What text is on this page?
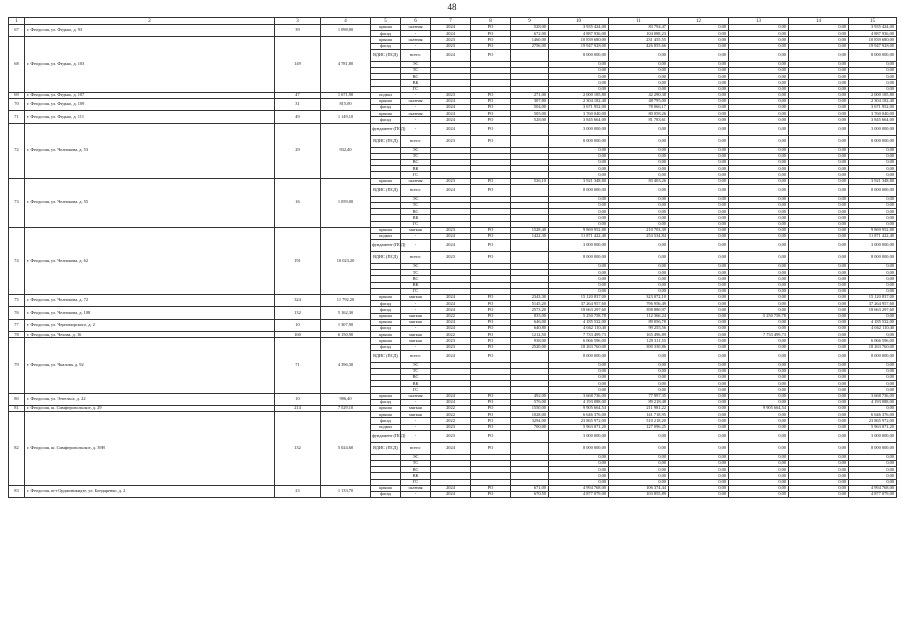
48
1	2	3	4	5	6	7	8	9	10	11	12	13	14	15
67	г. Феодосия, ул. Федько, д. 93	39	1 098,00	крыша	скатная	2024	РО	528,00	3 935 424,00	83 794,47	0,00	0,00	0,00	3 935 424,00
				фасад	-	2024	РО	672,00	4 887 936,00	104 088,23	0,00	0,00	0,00	4 887 936,00
68	г. Феодосия, ул. Федько, д. 103	149	4 781,80	крыша	скатная	2023	РО	1460,00	10 839 680,00	231 455,55	0,00	0,00	0,00	10 839 680,00
				фасад	-	2023	РО	2756,00	19 947 928,00	426 855,66	0,00	0,00	0,00	19 947 928,00
				ВДИС (ПСД)	всего:	2024	РО		8 000 000,00	0,00	0,00	0,00	0,00	8 000 000,00
					ЭС				0,00	0,00	0,00	0,00	0,00	0,00
					ТС				0,00	0,00	0,00	0,00	0,00	0,00
					ВС				0,00	0,00	0,00	0,00	0,00	0,00
					ВК				0,00	0,00	0,00	0,00	0,00	0,00
					ГС				0,00	0,00	0,00	0,00	0,00	0,00
69	г. Феодосия, ул. Федько, д. 107	47	1 671,90	подвал	-	2023	РО	271,00	2 000 185,80	42 290,38	0,00	0,00	0,00	2 000 185,80
70	г. Феодосия, ул. Федько, д. 109	31	815,00	крыша	скатная	2024	РО	307,80	2 304 182,40	48 795,00	0,00	0,00	0,00	2 304 182,40
				фасад	-	2024	РО	504,00	3 671 952,00	78 066,17	0,00	0,00	0,00	3 671 952,00
71	г. Феодосия, ул. Федько, д. 111	49	1 149,10	крыша	скатная	2024	РО	505,00	3 760 040,00	80 058,26	0,00	0,00	0,00	3 760 040,00
				фасад	-	2024	РО	528,00	3 845 664,00	81 783,61	0,00	0,00	0,00	3 845 664,00
72	г. Феодосия, ул. Челнокова, д. 53	29	932,40	фундамент (ПСД)	-	2024	РО		3 000 000,00	0,00	0,00	0,00	0,00	3 000 000,00
				ВДИС (ПСД)	всего:	2023	РО		8 000 000,00	0,00	0,00	0,00	0,00	8 000 000,00
					ЭС				0,00	0,00	0,00	0,00	0,00	0,00
					ТС				0,00	0,00	0,00	0,00	0,00	0,00
					ВС				0,00	0,00	0,00	0,00	0,00	0,00
					ВК				0,00	0,00	0,00	0,00	0,00	0,00
					ГС				0,00	0,00	0,00	0,00	0,00	0,00
73	г. Феодосия, ул. Челнокова, д. 55	16	1 059,00	крыша	скатная	2023	РО	526,10	3 921 348,80	83 403,26	0,00	0,00	0,00	3 921 348,80
				ВДИС (ПСД)	всего:	2024	РО		8 000 000,00	0,00	0,00	0,00	0,00	8 000 000,00
					ЭС				0,00	0,00	0,00	0,00	0,00	0,00
					ТС				0,00	0,00	0,00	0,00	0,00	0,00
					ВС				0,00	0,00	0,00	0,00	0,00	0,00
					ВК				0,00	0,00	0,00	0,00	0,00	0,00
					ГС				0,00	0,00	0,00	0,00	0,00	0,00
74	г. Феодосия, ул. Челнокова, д. 62	191	10 023,20	крыша	мягкая	2023	РО	1528,40	9 869 952,80	210 703,39	0,00	0,00	0,00	9 869 952,80
				подвал	-	2024	РО	1422,30	11 871 422,40	253 534,84	0,00	0,00	0,00	11 871 422,40
				фундамент (ПСД)	-	2024	РО		3 000 000,00	0,00	0,00	0,00	0,00	3 000 000,00
				ВДИС (ПСД)	всего:	2023	РО		8 000 000,00	0,00	0,00	0,00	0,00	8 000 000,00
					ЭС				0,00	0,00	0,00	0,00	0,00	0,00
					ТС				0,00	0,00	0,00	0,00	0,00	0,00
					ВС				0,00	0,00	0,00	0,00	0,00	0,00
					ВК				0,00	0,00	0,00	0,00	0,00	0,00
					ГС				0,00	0,00	0,00	0,00	0,00	0,00
75	г. Феодосия, ул. Челнокова, д. 72	324	11 792,20	крыша	мягкая	2024	РО	2343,30	15 120 837,00	323 072,10	0,00	0,00	0,00	15 120 837,00
				фасад	-	2024	РО	5145,20	37 264 957,60	796 956,49	0,00	0,00	0,00	37 264 957,60
76	г. Феодосия, ул. Челнокова, д. 108	132	5 162,30	фасад	-	2024	РО	2573,20	18 663 297,60	398 880,97	0,00	0,00	0,00	18 663 297,60
				крыша	мягкая	2022	РО	835,00	5 250 758,78	112 366,24	0,00	5 250 758,78	0,00	0,00
77	г. Феодосия, ул. Черноморского, д. 2	10	1 307,90	крыша	мягкая	2024	РО	646,00	4 185 532,00	89 056,78	0,00	0,00	0,00	4 185 532,00
				фасад	-	2024	РО	640,80	4 662 110,40	99 255,56	0,00	0,00	0,00	4 662 110,40
78	г. Феодосия, ул. Чехова, д. 16	160	6 150,90	крыша	мягкая	2022	РО	1212,50	7 733 499,73	165 496,89	0,00	7 733 499,73	0,00	0,00
79	г. Феодосия, ул. Чкалова, д. 92	71	4 396,30	крыша	мягкая	2023	РО	938,00	6 066 596,00	129 311,55	0,00	0,00	0,00	6 066 596,00
				фасад	-	2023	РО	2520,00	18 263 760,00	390 330,86	0,00	0,00	0,00	18 263 760,00
				ВДИС (ПСД)	всего:	2024	РО		8 000 000,00	0,00	0,00	0,00	0,00	8 000 000,00
					ЭС				0,00	0,00	0,00	0,00	0,00	0,00
					ТС				0,00	0,00	0,00	0,00	0,00	0,00
					ВС				0,00	0,00	0,00	0,00	0,00	0,00
					ВК				0,00	0,00	0,00	0,00	0,00	0,00
					ГС				0,00	0,00	0,00	0,00	0,00	0,00
80	г. Феодосия, ул. Энгельса, д. 22	10	986,40	крыша	скатная	2024	РО	492,00	3 668 736,00	77 997,35	0,00	0,00	0,00	3 668 736,00
				фасад	-	2024	РО	576,00	4 193 088,00	89 218,48	0,00	0,00	0,00	4 193 088,00
81	г. Феодосия, ш. Симферопольское, д. 29	214	7 529,10	крыша	мягкая	2022	РО	1550,00	9 905 664,54	211 981,22	0,00	9 905 664,54	0,00	0,00
82	г. Феодосия, ш. Симферопольское, д. 39Н	132	5 024,60	крыша	мягкая	2022	РО	1028,00	6 646 376,00	141 718,95	0,00	0,00	0,00	6 646 376,00
				фасад	-	2022	РО	3294,00	23 865 972,00	510 218,20	0,00	0,00	0,00	23 865 972,00
				подвал	-	2023	РО	700,00	5 963 071,20	127 096,25	0,00	0,00	0,00	5 963 071,20
				фундамент (ПСД)	-	2023	РО		3 000 000,00	0,00	0,00	0,00	0,00	3 000 000,00
				ВДИС (ПСД)	всего:	2024	РО		8 000 000,00	0,00	0,00	0,00	0,00	8 000 000,00
					ЭС				0,00	0,00	0,00	0,00	0,00	0,00
					ТС				0,00	0,00	0,00	0,00	0,00	0,00
					ВС				0,00	0,00	0,00	0,00	0,00	0,00
					ВК				0,00	0,00	0,00	0,00	0,00	0,00
					ГС				0,00	0,00	0,00	0,00	0,00	0,00
83	г. Феодосия, пгт Орджоникидзе, ул. Бондаренко, д. 2	23	1 133,70	крыша	скатная	2024	РО	671,00	4 994 768,00	106 374,44	0,00	0,00	0,00	4 994 768,00
				фасад	-	2024	РО	670,50	4 877 079,00	103 855,89	0,00	0,00	0,00	4 877 079,00
